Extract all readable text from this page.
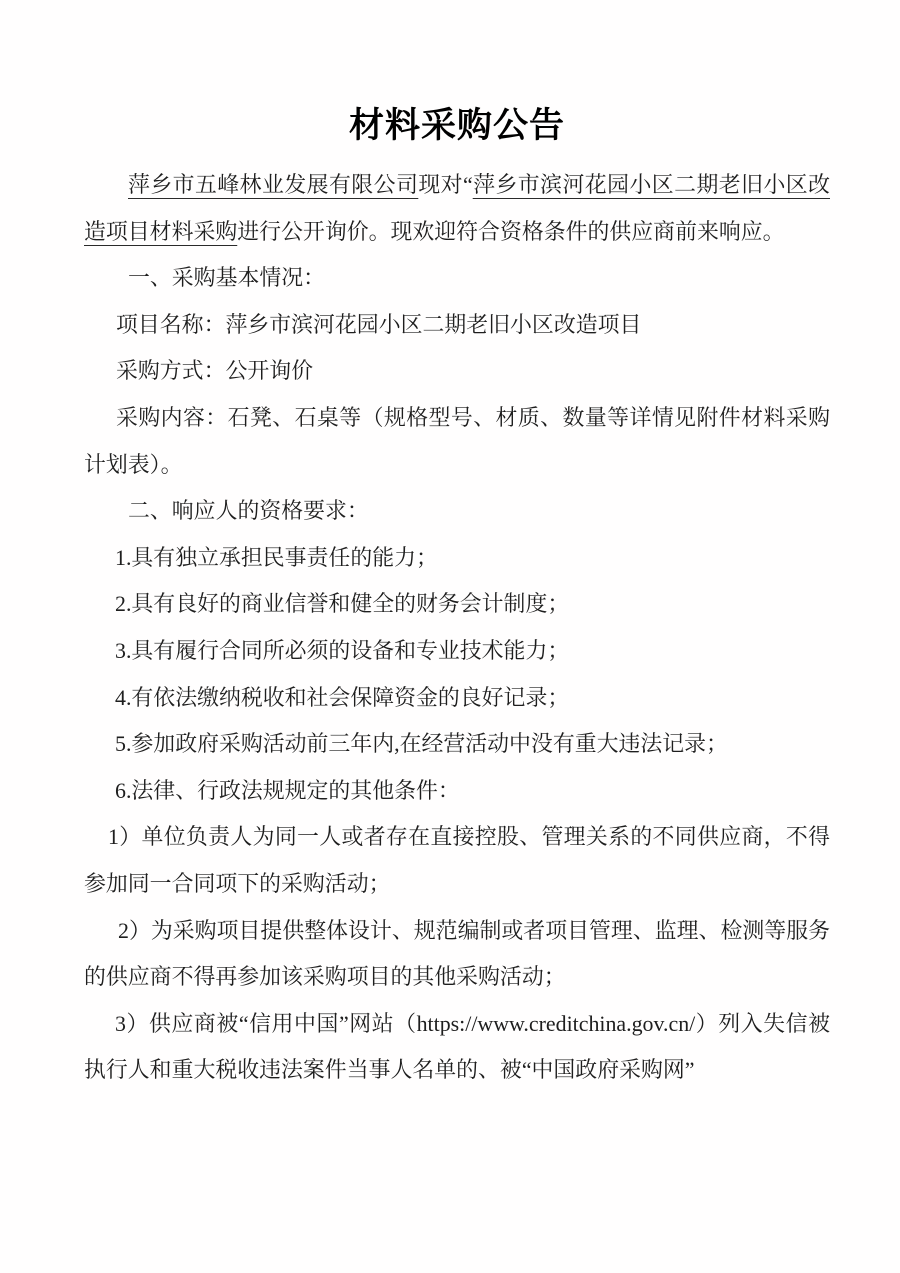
材料采购公告

萍乡市五峰林业发展有限公司现对“萍乡市滨河花园小区二期老旧小区改造项目材料采购进行公开询价。现欢迎符合资格条件的供应商前来响应。

一、采购基本情况：

项目名称：萍乡市滨河花园小区二期老旧小区改造项目

采购方式：公开询价

采购内容：石凳、石桌等（规格型号、材质、数量等详情见附件材料采购计划表）。

二、响应人的资格要求：

1.具有独立承担民事责任的能力；

2.具有良好的商业信誉和健全的财务会计制度；

3.具有履行合同所必须的设备和专业技术能力；

4.有依法缴纳税收和社会保障资金的良好记录；

5.参加政府采购活动前三年内,在经营活动中没有重大违法记录；

6.法律、行政法规规定的其他条件：

1）单位负责人为同一人或者存在直接控股、管理关系的不同供应商，不得参加同一合同项下的采购活动；

2）为采购项目提供整体设计、规范编制或者项目管理、监理、检测等服务的供应商不得再参加该采购项目的其他采购活动；

3）供应商被“信用中国”网站（https://www.creditchina.gov.cn/）列入失信被执行人和重大税收违法案件当事人名单的、被“中国政府采购网”
